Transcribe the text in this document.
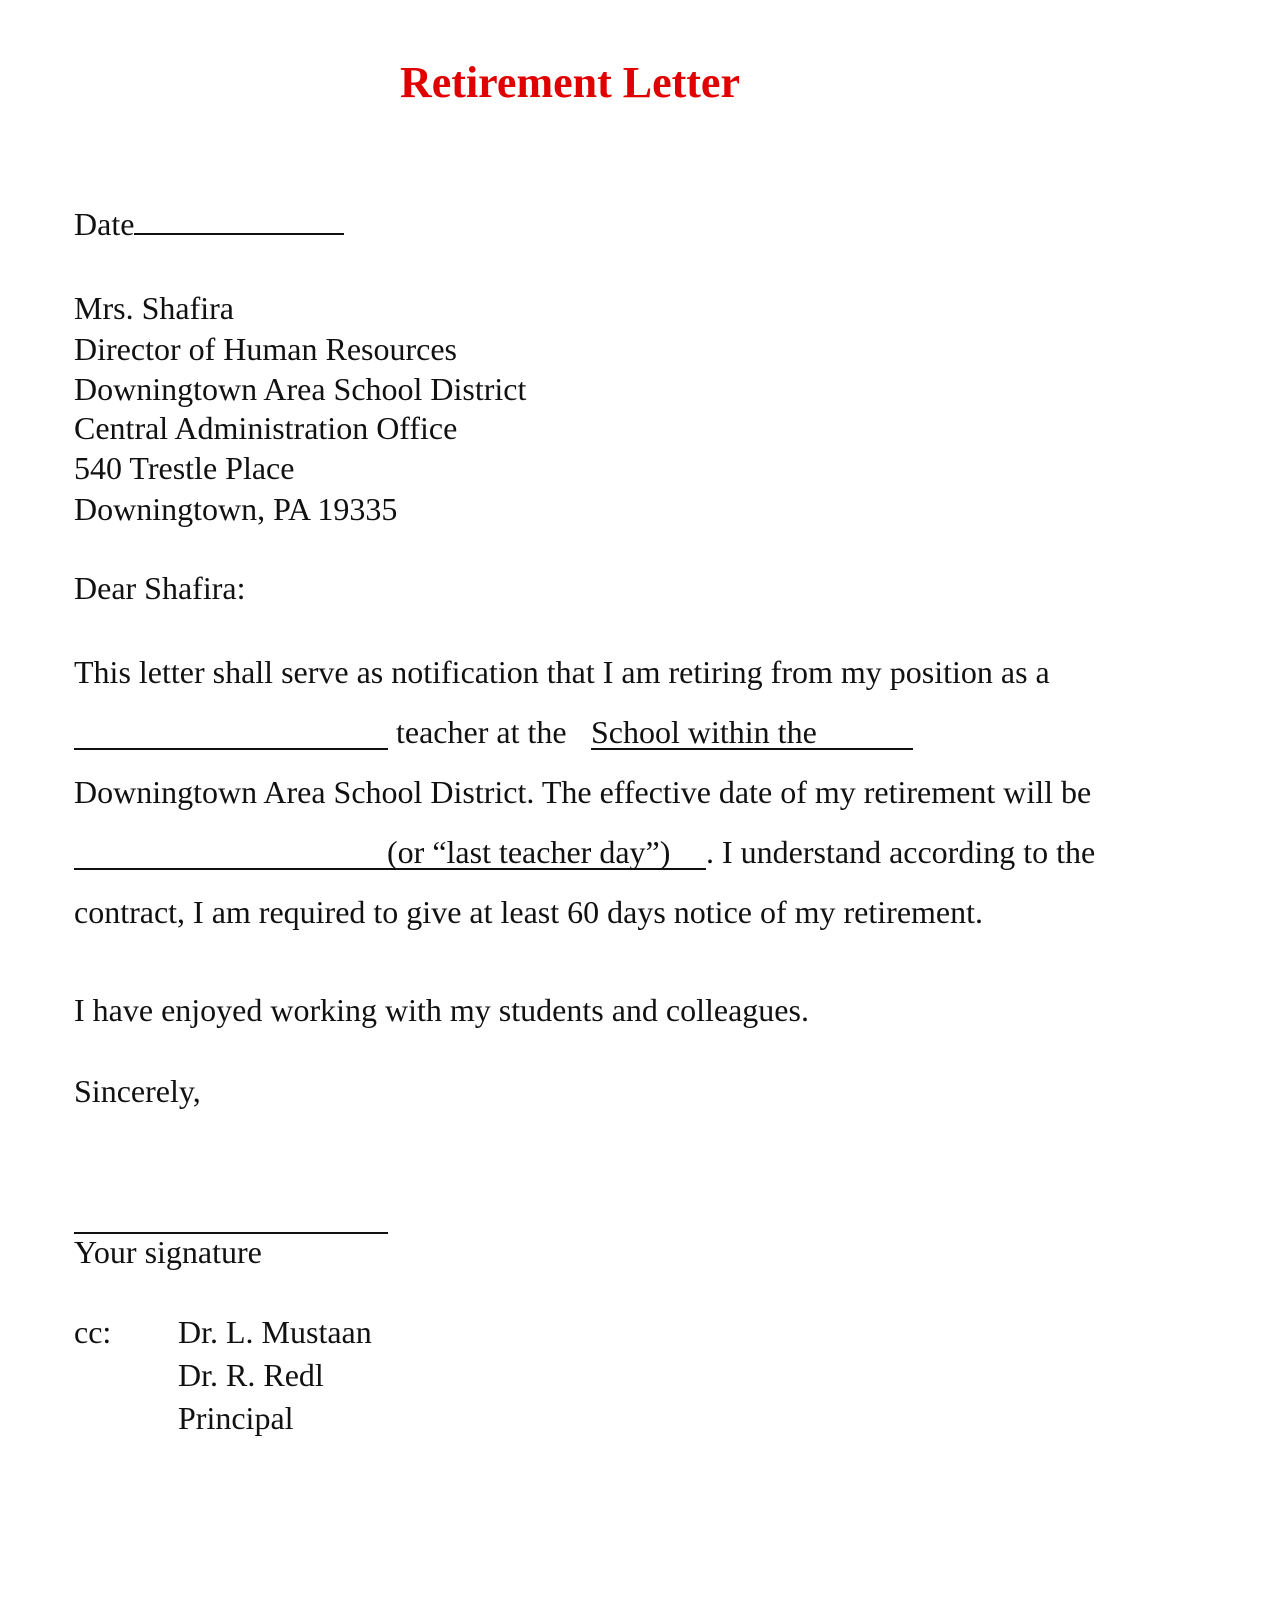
Retirement Letter
Date
Mrs. Shafira
Director of Human Resources
Downingtown Area School District
Central Administration Office
540 Trestle Place
Downingtown, PA 19335
Dear Shafira:
This letter shall serve as notification that I am retiring from my position as a
teacher at the School within the
Downingtown Area School District. The effective date of my retirement will be
(or “last teacher day”) . I understand according to the
contract, I am required to give at least 60 days notice of my retirement.
I have enjoyed working with my students and colleagues.
Sincerely,
Your signature
cc: Dr. L. Mustaan
Dr. R. Redl
Principal
